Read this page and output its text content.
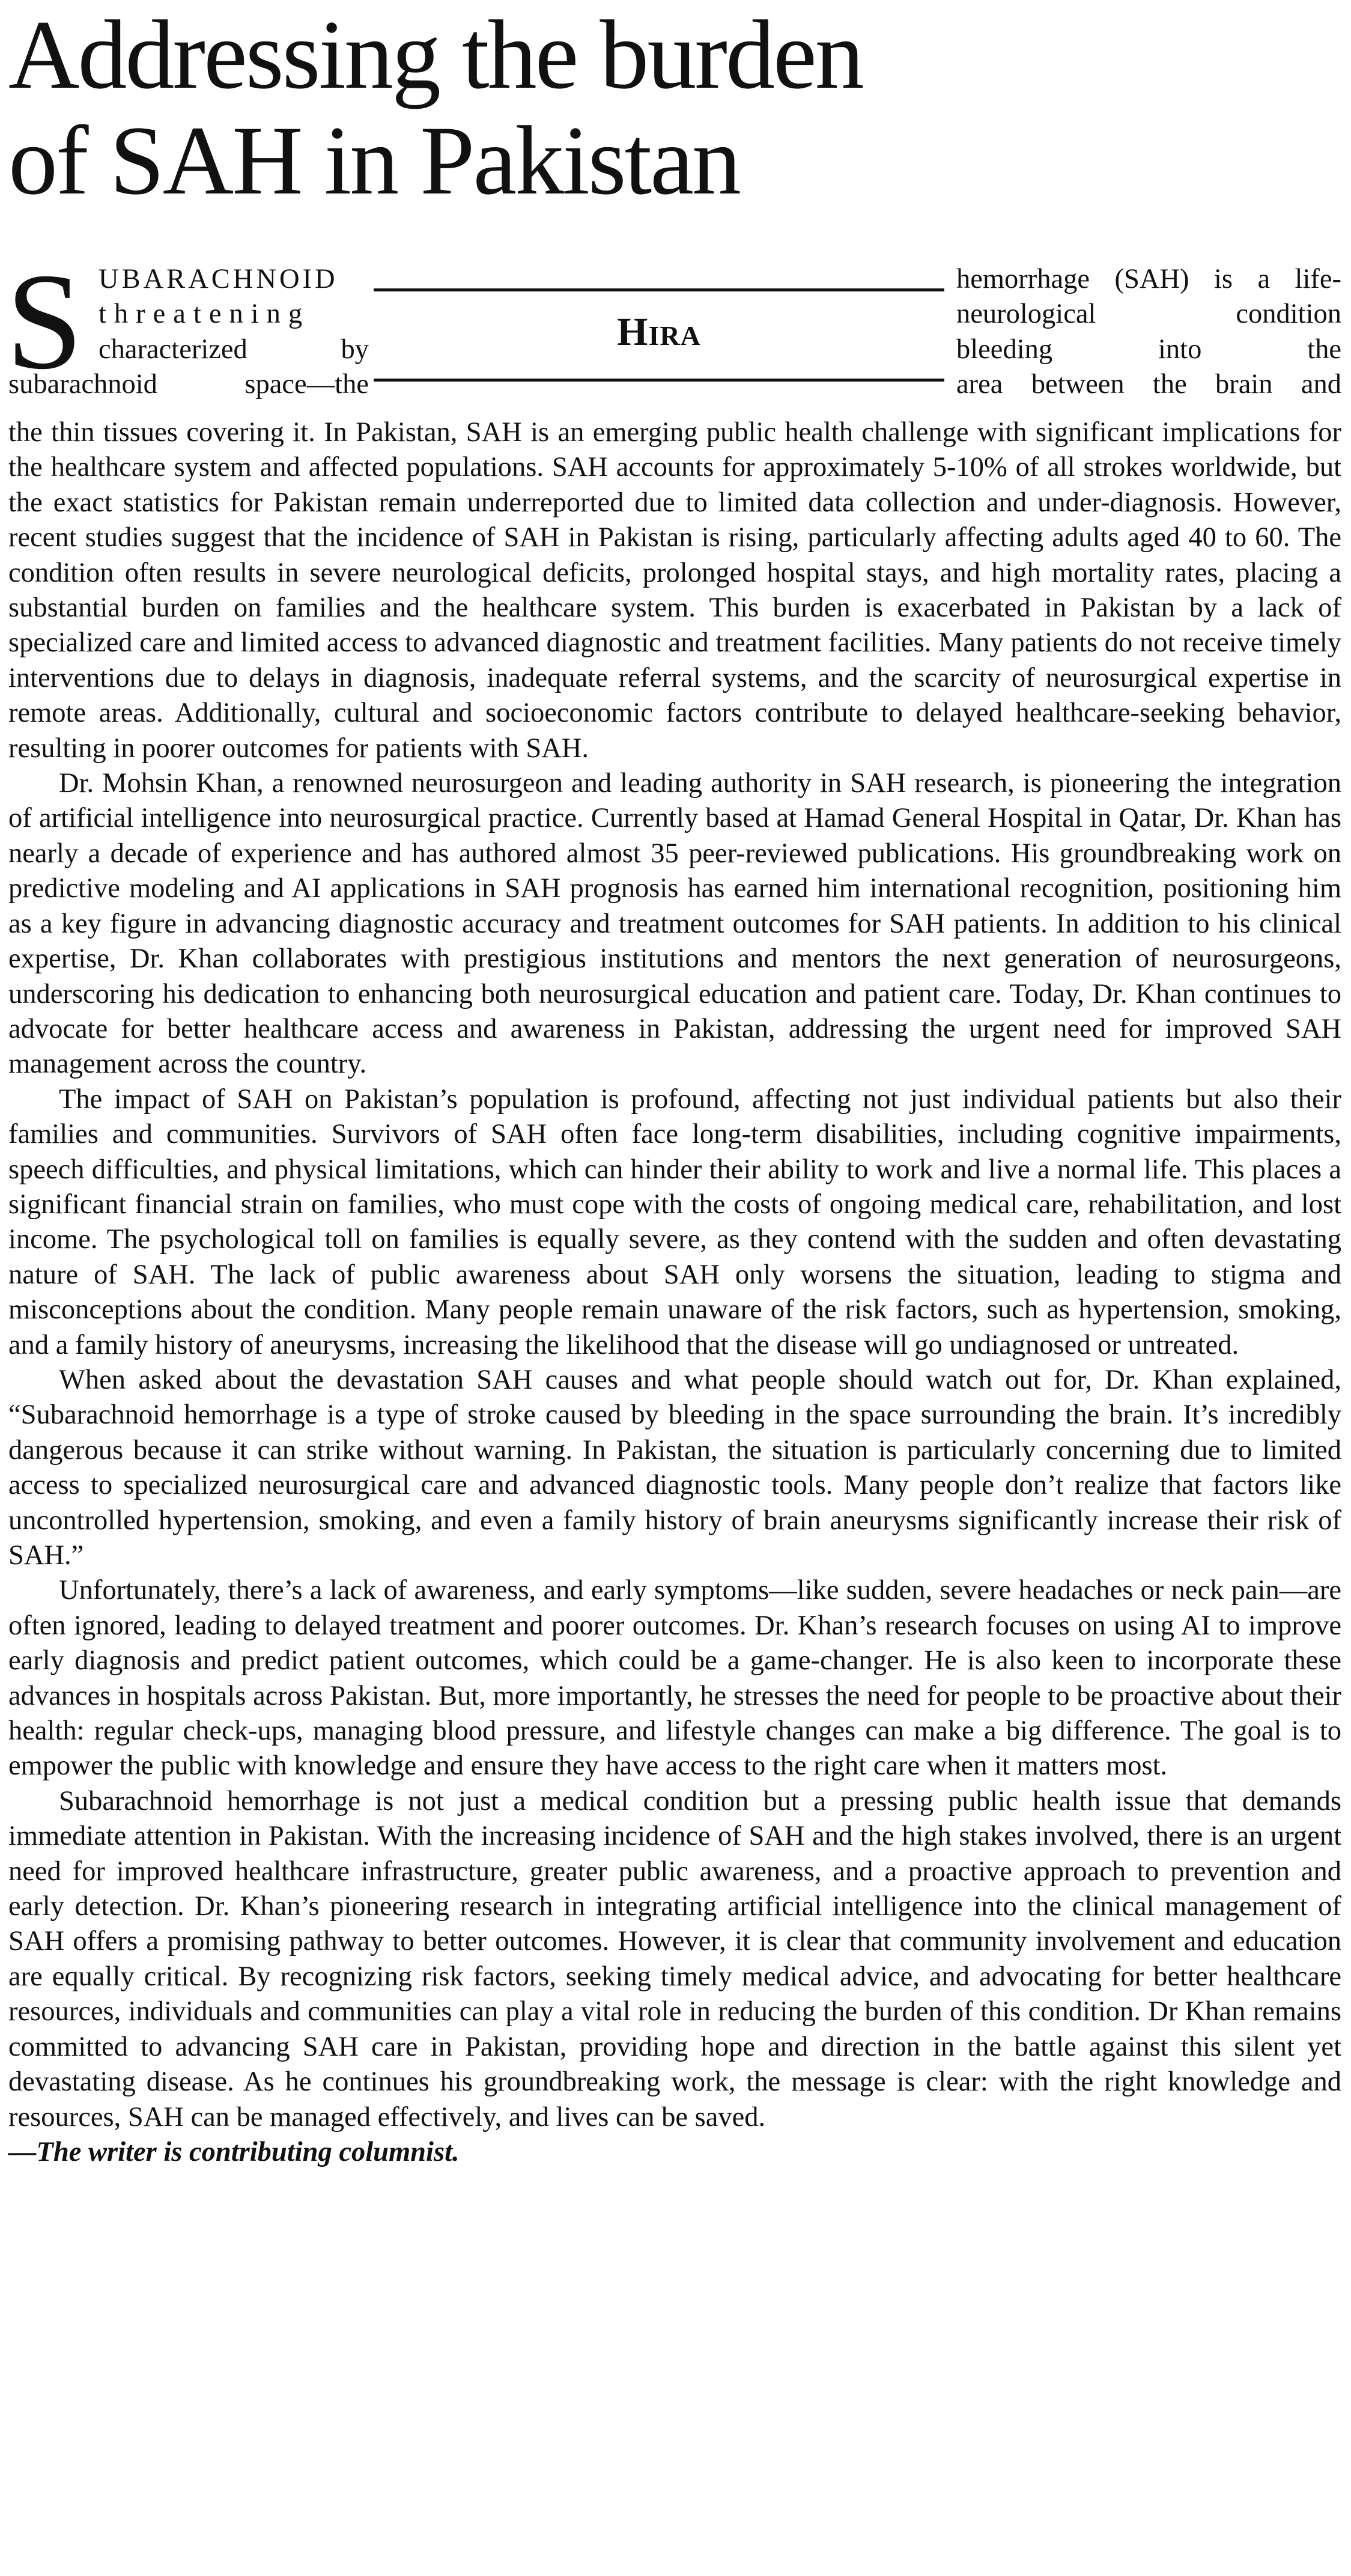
Addressing the burden
of SAH in Pakistan
S UBARACHNOID
threatening
characterized by
subarachnoid space—the
hemorrhage (SAH) is a life-
neurological condition
bleeding into the
area between the brain and

the thin tissues covering it. In Pakistan, SAH is an emerging public health challenge with significant implications for the healthcare system and affected populations. SAH accounts for approximately 5-10% of all strokes worldwide, but the exact statistics for Pakistan remain underreported due to limited data collection and under-diagnosis. However, recent studies suggest that the incidence of SAH in Pakistan is rising, particularly affecting adults aged 40 to 60. The condition often results in severe neurological deficits, prolonged hospital stays, and high mortality rates, placing a substantial burden on families and the healthcare system. This burden is exacerbated in Pakistan by a lack of specialized care and limited access to advanced diagnostic and treatment facilities. Many patients do not receive timely interventions due to delays in diagnosis, inadequate referral systems, and the scarcity of neurosurgical expertise in remote areas. Additionally, cultural and socioeconomic factors contribute to delayed healthcare-seeking behavior, resulting in poorer outcomes for patients with SAH.

Dr. Mohsin Khan, a renowned neurosurgeon and leading authority in SAH research, is pioneering the integration of artificial intelligence into neurosurgical practice. Currently based at Hamad General Hospital in Qatar, Dr. Khan has nearly a decade of experience and has authored almost 35 peer-reviewed publications. His groundbreaking work on predictive modeling and AI applications in SAH prognosis has earned him international recognition, positioning him as a key figure in advancing diagnostic accuracy and treatment outcomes for SAH patients. In addition to his clinical expertise, Dr. Khan collaborates with prestigious institutions and mentors the next generation of neurosurgeons, underscoring his dedication to enhancing both neurosurgical education and patient care. Today, Dr. Khan continues to advocate for better healthcare access and awareness in Pakistan, addressing the urgent need for improved SAH management across the country.

The impact of SAH on Pakistan’s population is profound, affecting not just individual patients but also their families and communities. Survivors of SAH often face long-term disabilities, including cognitive impairments, speech difficulties, and physical limitations, which can hinder their ability to work and live a normal life. This places a significant financial strain on families, who must cope with the costs of ongoing medical care, rehabilitation, and lost income. The psychological toll on families is equally severe, as they contend with the sudden and often devastating nature of SAH. The lack of public awareness about SAH only worsens the situation, leading to stigma and misconceptions about the condition. Many people remain unaware of the risk factors, such as hypertension, smoking, and a family history of aneurysms, increasing the likelihood that the disease will go undiagnosed or untreated.

When asked about the devastation SAH causes and what people should watch out for, Dr. Khan explained, “Subarachnoid hemorrhage is a type of stroke caused by bleeding in the space surrounding the brain. It’s incredibly dangerous because it can strike without warning. In Pakistan, the situation is particularly concerning due to limited access to specialized neurosurgical care and advanced diagnostic tools. Many people don’t realize that factors like uncontrolled hypertension, smoking, and even a family history of brain aneurysms significantly increase their risk of SAH.”

Unfortunately, there’s a lack of awareness, and early symptoms—like sudden, severe headaches or neck pain—are often ignored, leading to delayed treatment and poorer outcomes. Dr. Khan’s research focuses on using AI to improve early diagnosis and predict patient outcomes, which could be a game-changer. He is also keen to incorporate these advances in hospitals across Pakistan. But, more importantly, he stresses the need for people to be proactive about their health: regular check-ups, managing blood pressure, and lifestyle changes can make a big difference. The goal is to empower the public with knowledge and ensure they have access to the right care when it matters most.

Subarachnoid hemorrhage is not just a medical condition but a pressing public health issue that demands immediate attention in Pakistan. With the increasing incidence of SAH and the high stakes involved, there is an urgent need for improved healthcare infrastructure, greater public awareness, and a proactive approach to prevention and early detection. Dr. Khan’s pioneering research in integrating artificial intelligence into the clinical management of SAH offers a promising pathway to better outcomes. However, it is clear that community involvement and education are equally critical. By recognizing risk factors, seeking timely medical advice, and advocating for better healthcare resources, individuals and communities can play a vital role in reducing the burden of this condition. Dr Khan remains committed to advancing SAH care in Pakistan, providing hope and direction in the battle against this silent yet devastating disease. As he continues his groundbreaking work, the message is clear: with the right knowledge and resources, SAH can be managed effectively, and lives can be saved.

—The writer is contributing columnist.

Hira
